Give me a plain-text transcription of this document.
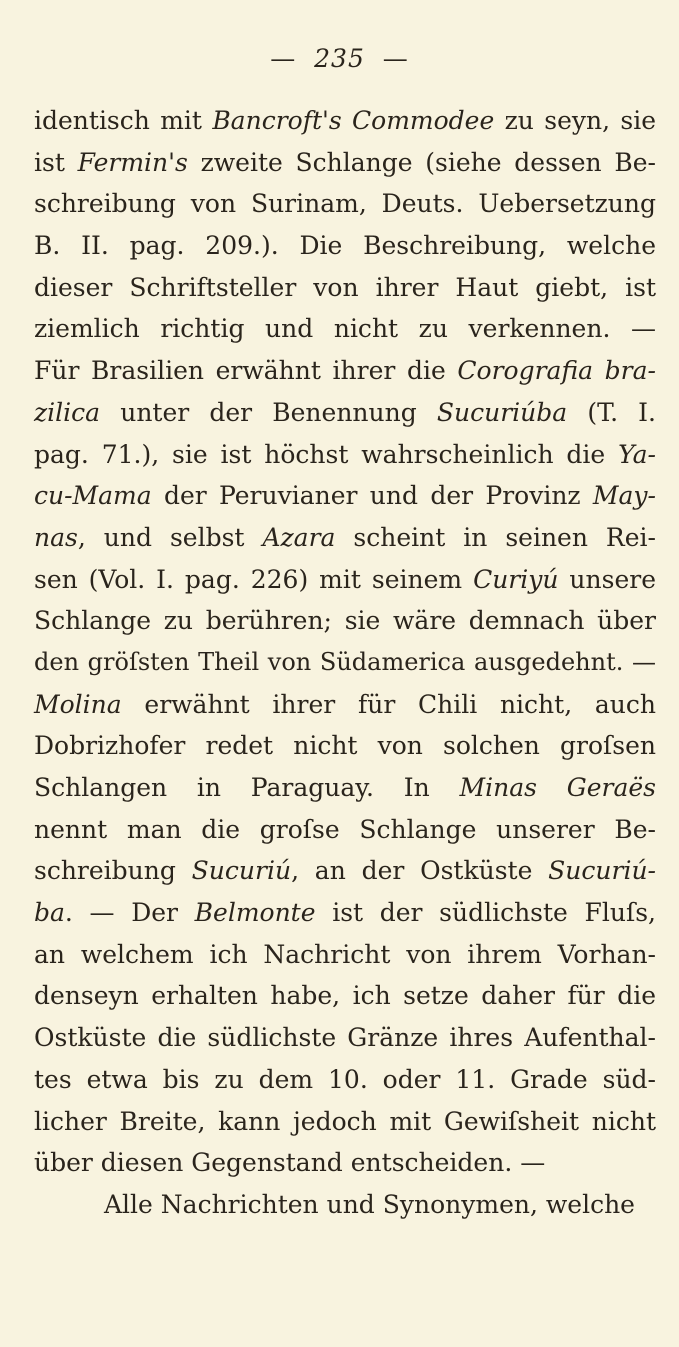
— 235 —
identisch mit Bancroft's Commodee zu seyn, sie
ist Fermin's zweite Schlange (siehe dessen Be-
schreibung von Surinam, Deuts. Uebersetzung
B. II. pag. 209.). Die Beschreibung, welche
dieser Schriftsteller von ihrer Haut giebt, ist
ziemlich richtig und nicht zu verkennen. —
Für Brasilien erwähnt ihrer die Corografia bra-
zilica unter der Benennung Sucuriúba (T. I.
pag. 71.), sie ist höchst wahrscheinlich die Ya-
cu-Mama der Peruvianer und der Provinz May-
nas, und selbst Azara scheint in seinen Rei-
sen (Vol. I. pag. 226) mit seinem Curiyú unsere
Schlange zu berühren; sie wäre demnach über
den gröſsten Theil von Südamerica ausgedehnt. —
Molina erwähnt ihrer für Chili nicht, auch
Dobrizhofer redet nicht von solchen groſsen
Schlangen in Paraguay. In Minas Geraës
nennt man die groſse Schlange unserer Be-
schreibung Sucuriú, an der Ostküste Sucuriú-
ba. — Der Belmonte ist der südlichste Fluſs,
an welchem ich Nachricht von ihrem Vorhan-
denseyn erhalten habe, ich setze daher für die
Ostküste die südlichste Gränze ihres Aufenthal-
tes etwa bis zu dem 10. oder 11. Grade süd-
licher Breite, kann jedoch mit Gewiſsheit nicht
über diesen Gegenstand entscheiden. —
Alle Nachrichten und Synonymen, welche
